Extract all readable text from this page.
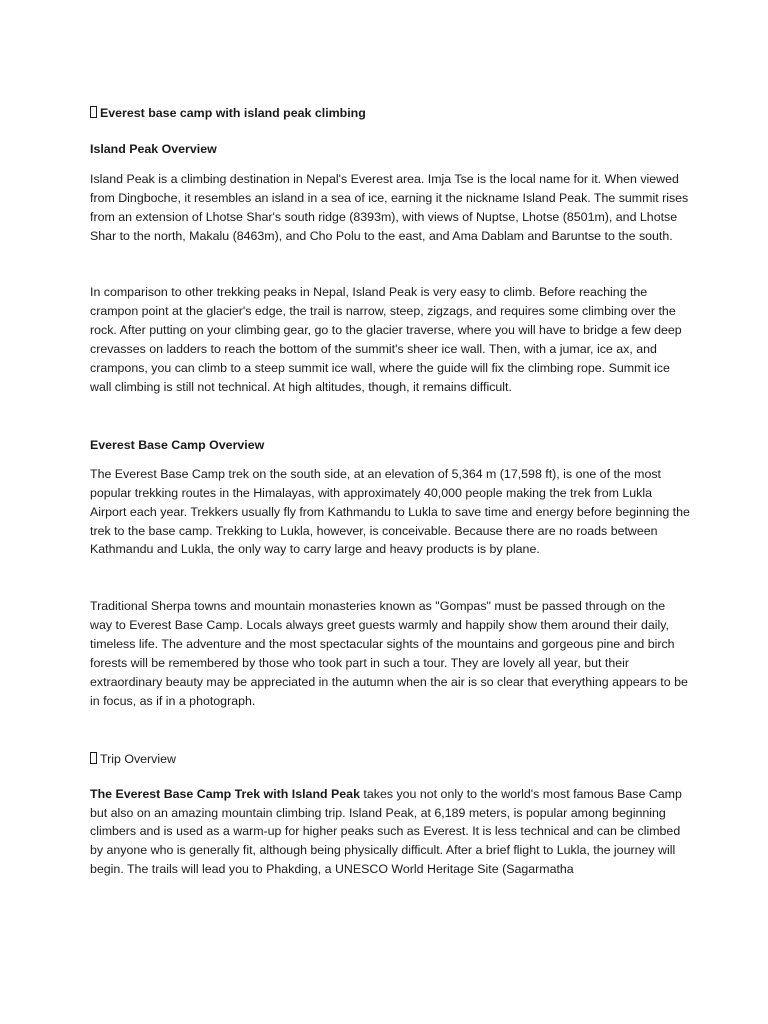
Everest base camp with island peak climbing

Island Peak Overview

Island Peak is a climbing destination in Nepal's Everest area. Imja Tse is the local name for it. When viewed from Dingboche, it resembles an island in a sea of ice, earning it the nickname Island Peak. The summit rises from an extension of Lhotse Shar's south ridge (8393m), with views of Nuptse, Lhotse (8501m), and Lhotse Shar to the north, Makalu (8463m), and Cho Polu to the east, and Ama Dablam and Baruntse to the south.

In comparison to other trekking peaks in Nepal, Island Peak is very easy to climb. Before reaching the crampon point at the glacier's edge, the trail is narrow, steep, zigzags, and requires some climbing over the rock. After putting on your climbing gear, go to the glacier traverse, where you will have to bridge a few deep crevasses on ladders to reach the bottom of the summit's sheer ice wall. Then, with a jumar, ice ax, and crampons, you can climb to a steep summit ice wall, where the guide will fix the climbing rope. Summit ice wall climbing is still not technical. At high altitudes, though, it remains difficult.

Everest Base Camp Overview

The Everest Base Camp trek on the south side, at an elevation of 5,364 m (17,598 ft), is one of the most popular trekking routes in the Himalayas, with approximately 40,000 people making the trek from Lukla Airport each year. Trekkers usually fly from Kathmandu to Lukla to save time and energy before beginning the trek to the base camp. Trekking to Lukla, however, is conceivable. Because there are no roads between Kathmandu and Lukla, the only way to carry large and heavy products is by plane.

Traditional Sherpa towns and mountain monasteries known as "Gompas" must be passed through on the way to Everest Base Camp. Locals always greet guests warmly and happily show them around their daily, timeless life. The adventure and the most spectacular sights of the mountains and gorgeous pine and birch forests will be remembered by those who took part in such a tour. They are lovely all year, but their extraordinary beauty may be appreciated in the autumn when the air is so clear that everything appears to be in focus, as if in a photograph.

Trip Overview

The Everest Base Camp Trek with Island Peak takes you not only to the world's most famous Base Camp but also on an amazing mountain climbing trip. Island Peak, at 6,189 meters, is popular among beginning climbers and is used as a warm-up for higher peaks such as Everest. It is less technical and can be climbed by anyone who is generally fit, although being physically difficult. After a brief flight to Lukla, the journey will begin. The trails will lead you to Phakding, a UNESCO World Heritage Site (Sagarmatha
